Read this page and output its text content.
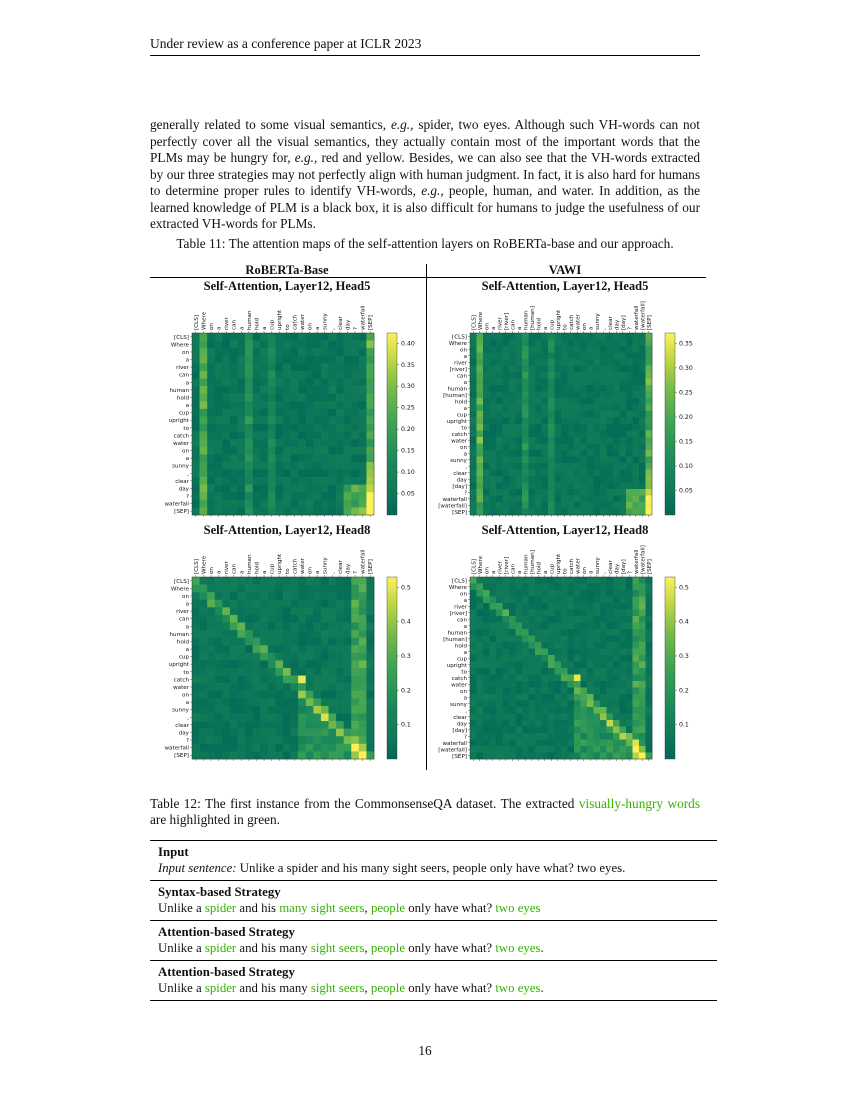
Under review as a conference paper at ICLR 2023

generally related to some visual semantics, e.g., spider, two eyes. Although such VH-words can not perfectly cover all the visual semantics, they actually contain most of the important words that the PLMs may be hungry for, e.g., red and yellow. Besides, we can also see that the VH-words extracted by our three strategies may not perfectly align with human judgment. In fact, it is also hard for humans to determine proper rules to identify VH-words, e.g., people, human, and water. In addition, as the learned knowledge of PLM is a black box, it is also difficult for humans to judge the usefulness of our extracted VH-words for PLMs.

Table 11: The attention maps of the self-attention layers on RoBERTa-base and our approach.
RoBERTa-Base	VAWI
Self-Attention, Layer12, Head5	Self-Attention, Layer12, Head5
Self-Attention, Layer12, Head8	Self-Attention, Layer12, Head8
[CLS]
[CLS]
Where
Where
on
on
a
a
river
river
can
can
a
a
human
human
hold
hold
a
a
cup
cup
upright
upright
to
to
catch
catch
water
water
on
on
a
a
sunny
sunny
,
,
clear
clear
day
day
?
?
waterfall
waterfall
[SEP]
[SEP]
0.40
0.35
0.30
0.25
0.20
0.15
0.10
0.05
[CLS]
[CLS]
Where
Where
on
on
a
a
river
river
[river]
[river]
can
can
a
a
human
human
[human]
[human]
hold
hold
a
a
cup
cup
upright
upright
to
to
catch
catch
water
water
on
on
a
a
sunny
sunny
,
,
clear
clear
day
day
[day]
[day]
?
?
waterfall
waterfall
[waterfall]
[waterfall]
[SEP]
[SEP]
0.35
0.30
0.25
0.20
0.15
0.10
0.05
[CLS]
[CLS]
Where
Where
on
on
a
a
river
river
can
can
a
a
human
human
hold
hold
a
a
cup
cup
upright
upright
to
to
catch
catch
water
water
on
on
a
a
sunny
sunny
,
,
clear
clear
day
day
?
?
waterfall
waterfall
[SEP]
[SEP]
0.5
0.4
0.3
0.2
0.1
[CLS]
[CLS]
Where
Where
on
on
a
a
river
river
[river]
[river]
can
can
a
a
human
human
[human]
[human]
hold
hold
a
a
cup
cup
upright
upright
to
to
catch
catch
water
water
on
on
a
a
sunny
sunny
,
,
clear
clear
day
day
[day]
[day]
?
?
waterfall
waterfall
[waterfall]
[waterfall]
[SEP]
[SEP]
0.5
0.4
0.3
0.2
0.1
Table 12: The first instance from the CommonsenseQA dataset. The extracted visually-hungry words are highlighted in green.
Input
Input sentence: Unlike a spider and his many sight seers, people only have what? two eyes.
Syntax-based Strategy
Unlike a spider and his many sight seers, people only have what? two eyes
Attention-based Strategy
Unlike a spider and his many sight seers, people only have what? two eyes.
Attention-based Strategy
Unlike a spider and his many sight seers, people only have what? two eyes.
16
